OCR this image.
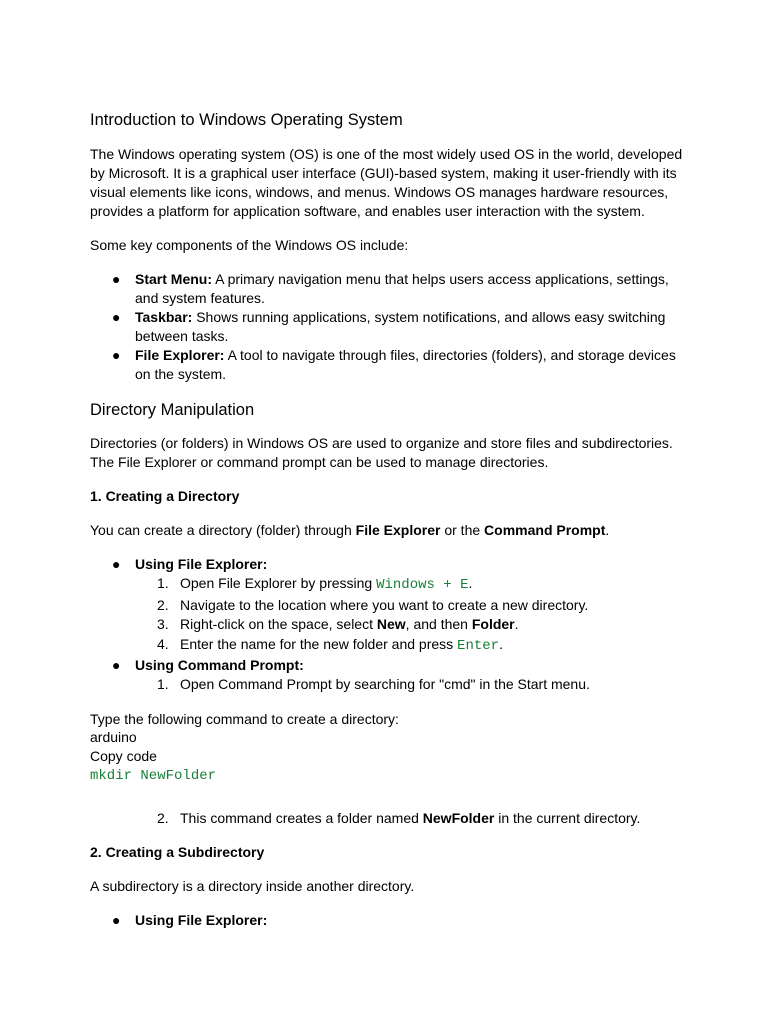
Introduction to Windows Operating System

The Windows operating system (OS) is one of the most widely used OS in the world, developed by Microsoft. It is a graphical user interface (GUI)-based system, making it user-friendly with its visual elements like icons, windows, and menus. Windows OS manages hardware resources, provides a platform for application software, and enables user interaction with the system.

Some key components of the Windows OS include:

● Start Menu: A primary navigation menu that helps users access applications, settings, and system features.
● Taskbar: Shows running applications, system notifications, and allows easy switching between tasks.
● File Explorer: A tool to navigate through files, directories (folders), and storage devices on the system.
Directory Manipulation

Directories (or folders) in Windows OS are used to organize and store files and subdirectories. The File Explorer or command prompt can be used to manage directories.

1. Creating a Directory

You can create a directory (folder) through File Explorer or the Command Prompt.

● Using File Explorer:
1. Open File Explorer by pressing Windows + E.
2. Navigate to the location where you want to create a new directory.
3. Right-click on the space, select New, and then Folder.
4. Enter the name for the new folder and press Enter.
● Using Command Prompt:
1. Open Command Prompt by searching for "cmd" in the Start menu.
Type the following command to create a directory:
arduino
Copy code
mkdir NewFolder
2. This command creates a folder named NewFolder in the current directory.
2. Creating a Subdirectory

A subdirectory is a directory inside another directory.

● Using File Explorer:
